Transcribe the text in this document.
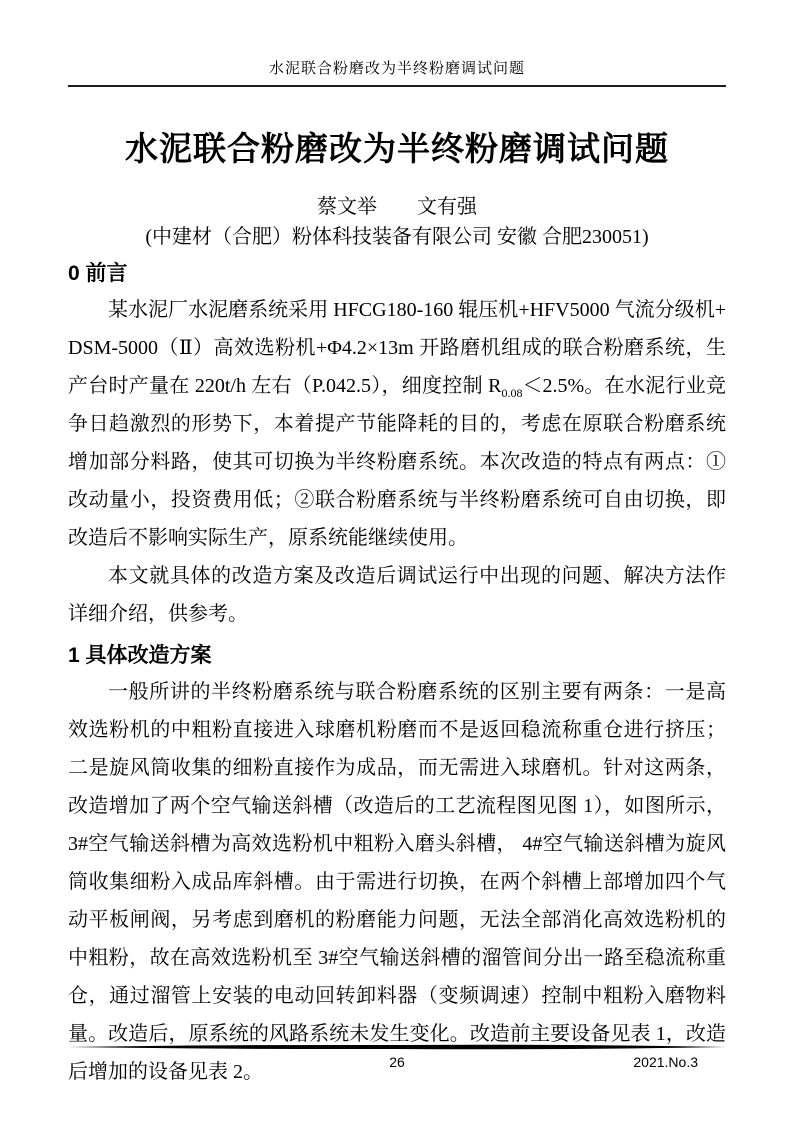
水泥联合粉磨改为半终粉磨调试问题
水泥联合粉磨改为半终粉磨调试问题
蔡文举　　文有强
(中建材（合肥）粉体科技装备有限公司 安徽 合肥230051)
0 前言

某水泥厂水泥磨系统采用 HFCG180-160 辊压机+HFV5000 气流分级机+ DSM-5000（Ⅱ）高效选粉机+Φ4.2×13m 开路磨机组成的联合粉磨系统，生产台时产量在 220t/h 左右（P.042.5），细度控制 $R_{0.08}<2.5\%$。在水泥行业竞争日趋激烈的形势下，本着提产节能降耗的目的，考虑在原联合粉磨系统增加部分料路，使其可切换为半终粉磨系统。本次改造的特点有两点：①改动量小，投资费用低；②联合粉磨系统与半终粉磨系统可自由切换，即改造后不影响实际生产，原系统能继续使用。

本文就具体的改造方案及改造后调试运行中出现的问题、解决方法作详细介绍，供参考。

1 具体改造方案

一般所讲的半终粉磨系统与联合粉磨系统的区别主要有两条：一是高效选粉机的中粗粉直接进入球磨机粉磨而不是返回稳流称重仓进行挤压；二是旋风筒收集的细粉直接作为成品，而无需进入球磨机。针对这两条，改造增加了两个空气输送斜槽（改造后的工艺流程图见图 1），如图所示，3#空气输送斜槽为高效选粉机中粗粉入磨头斜槽， 4#空气输送斜槽为旋风筒收集细粉入成品库斜槽。由于需进行切换，在两个斜槽上部增加四个气动平板闸阀，另考虑到磨机的粉磨能力问题，无法全部消化高效选粉机的中粗粉，故在高效选粉机至 3#空气输送斜槽的溜管间分出一路至稳流称重仓，通过溜管上安装的电动回转卸料器（变频调速）控制中粗粉入磨物料量。改造后，原系统的风路系统未发生变化。改造前主要设备见表 1，改造后增加的设备见表 2。	26	2021.No.3
